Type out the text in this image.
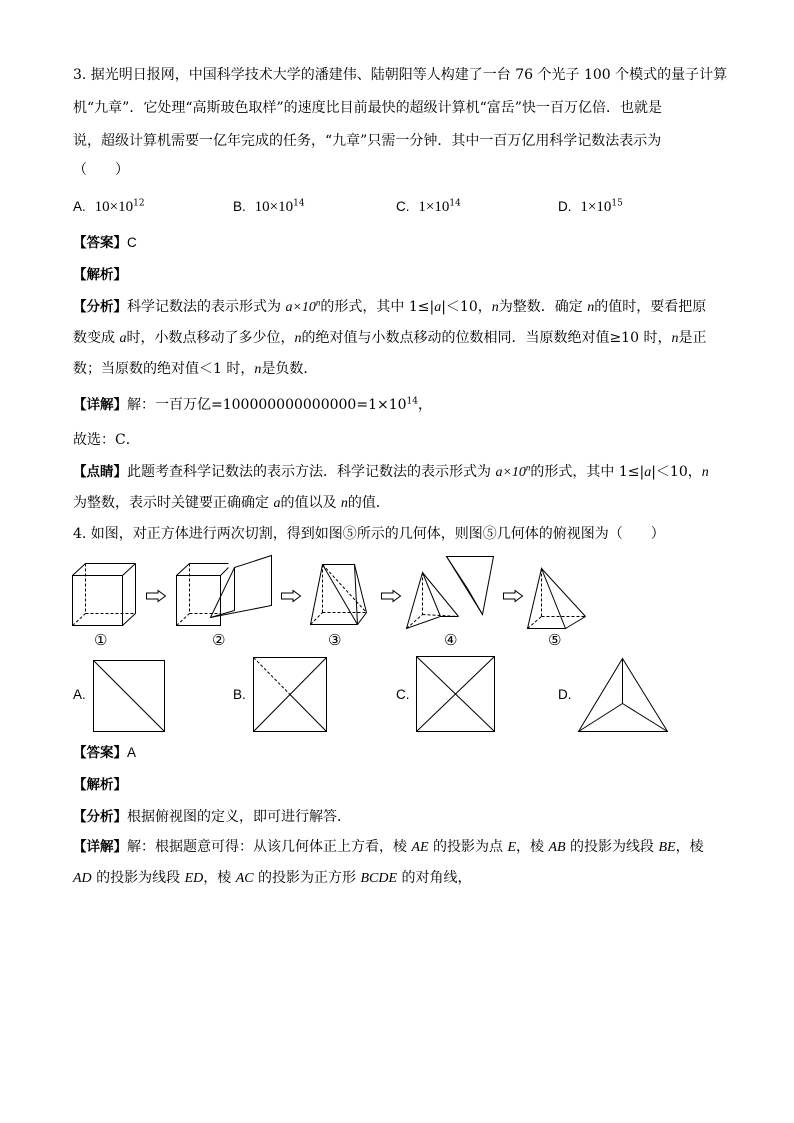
3. 据光明日报网，中国科学技术大学的潘建伟、陆朝阳等人构建了一台 76 个光子 100 个模式的量子计算
机“九章”．它处理“高斯玻色取样”的速度比目前最快的超级计算机“富岳”快一百万亿倍．也就是
说，超级计算机需要一亿年完成的任务，“九章”只需一分钟．其中一百万亿用科学记数法表示为
（　　）
A. $10\times 10^{12}$	B. $10\times 10^{14}$	C. $1\times 10^{14}$	D. $1\times 10^{15}$
【答案】C
【解析】
【分析】科学记数法的表示形式为 $a\times 10^n$的形式，其中 1≤|a|＜10，n为整数．确定 n的值时，要看把原
数变成 a时，小数点移动了多少位，n的绝对值与小数点移动的位数相同．当原数绝对值≥10 时，n是正
数；当原数的绝对值＜1 时，n是负数．
【详解】解：一百万亿$=100000000000000=1\times 10^{14}$，
故选：C．
【点睛】此题考查科学记数法的表示方法．科学记数法的表示形式为 $a\times 10^n$的形式，其中 1≤|a|＜10，n
为整数，表示时关键要正确确定 a的值以及 n的值．
4. 如图，对正方体进行两次切割，得到如图⑤所示的几何体，则图⑤几何体的俯视图为（　　）
①	②	③	④	⑤
A.	B.	C.	D.
【答案】A
【解析】
【分析】根据俯视图的定义，即可进行解答．
【详解】解：根据题意可得：从该几何体正上方看，棱 AE 的投影为点 E，棱 AB 的投影为线段 BE，棱
AD 的投影为线段 ED，棱 AC 的投影为正方形 BCDE 的对角线，
